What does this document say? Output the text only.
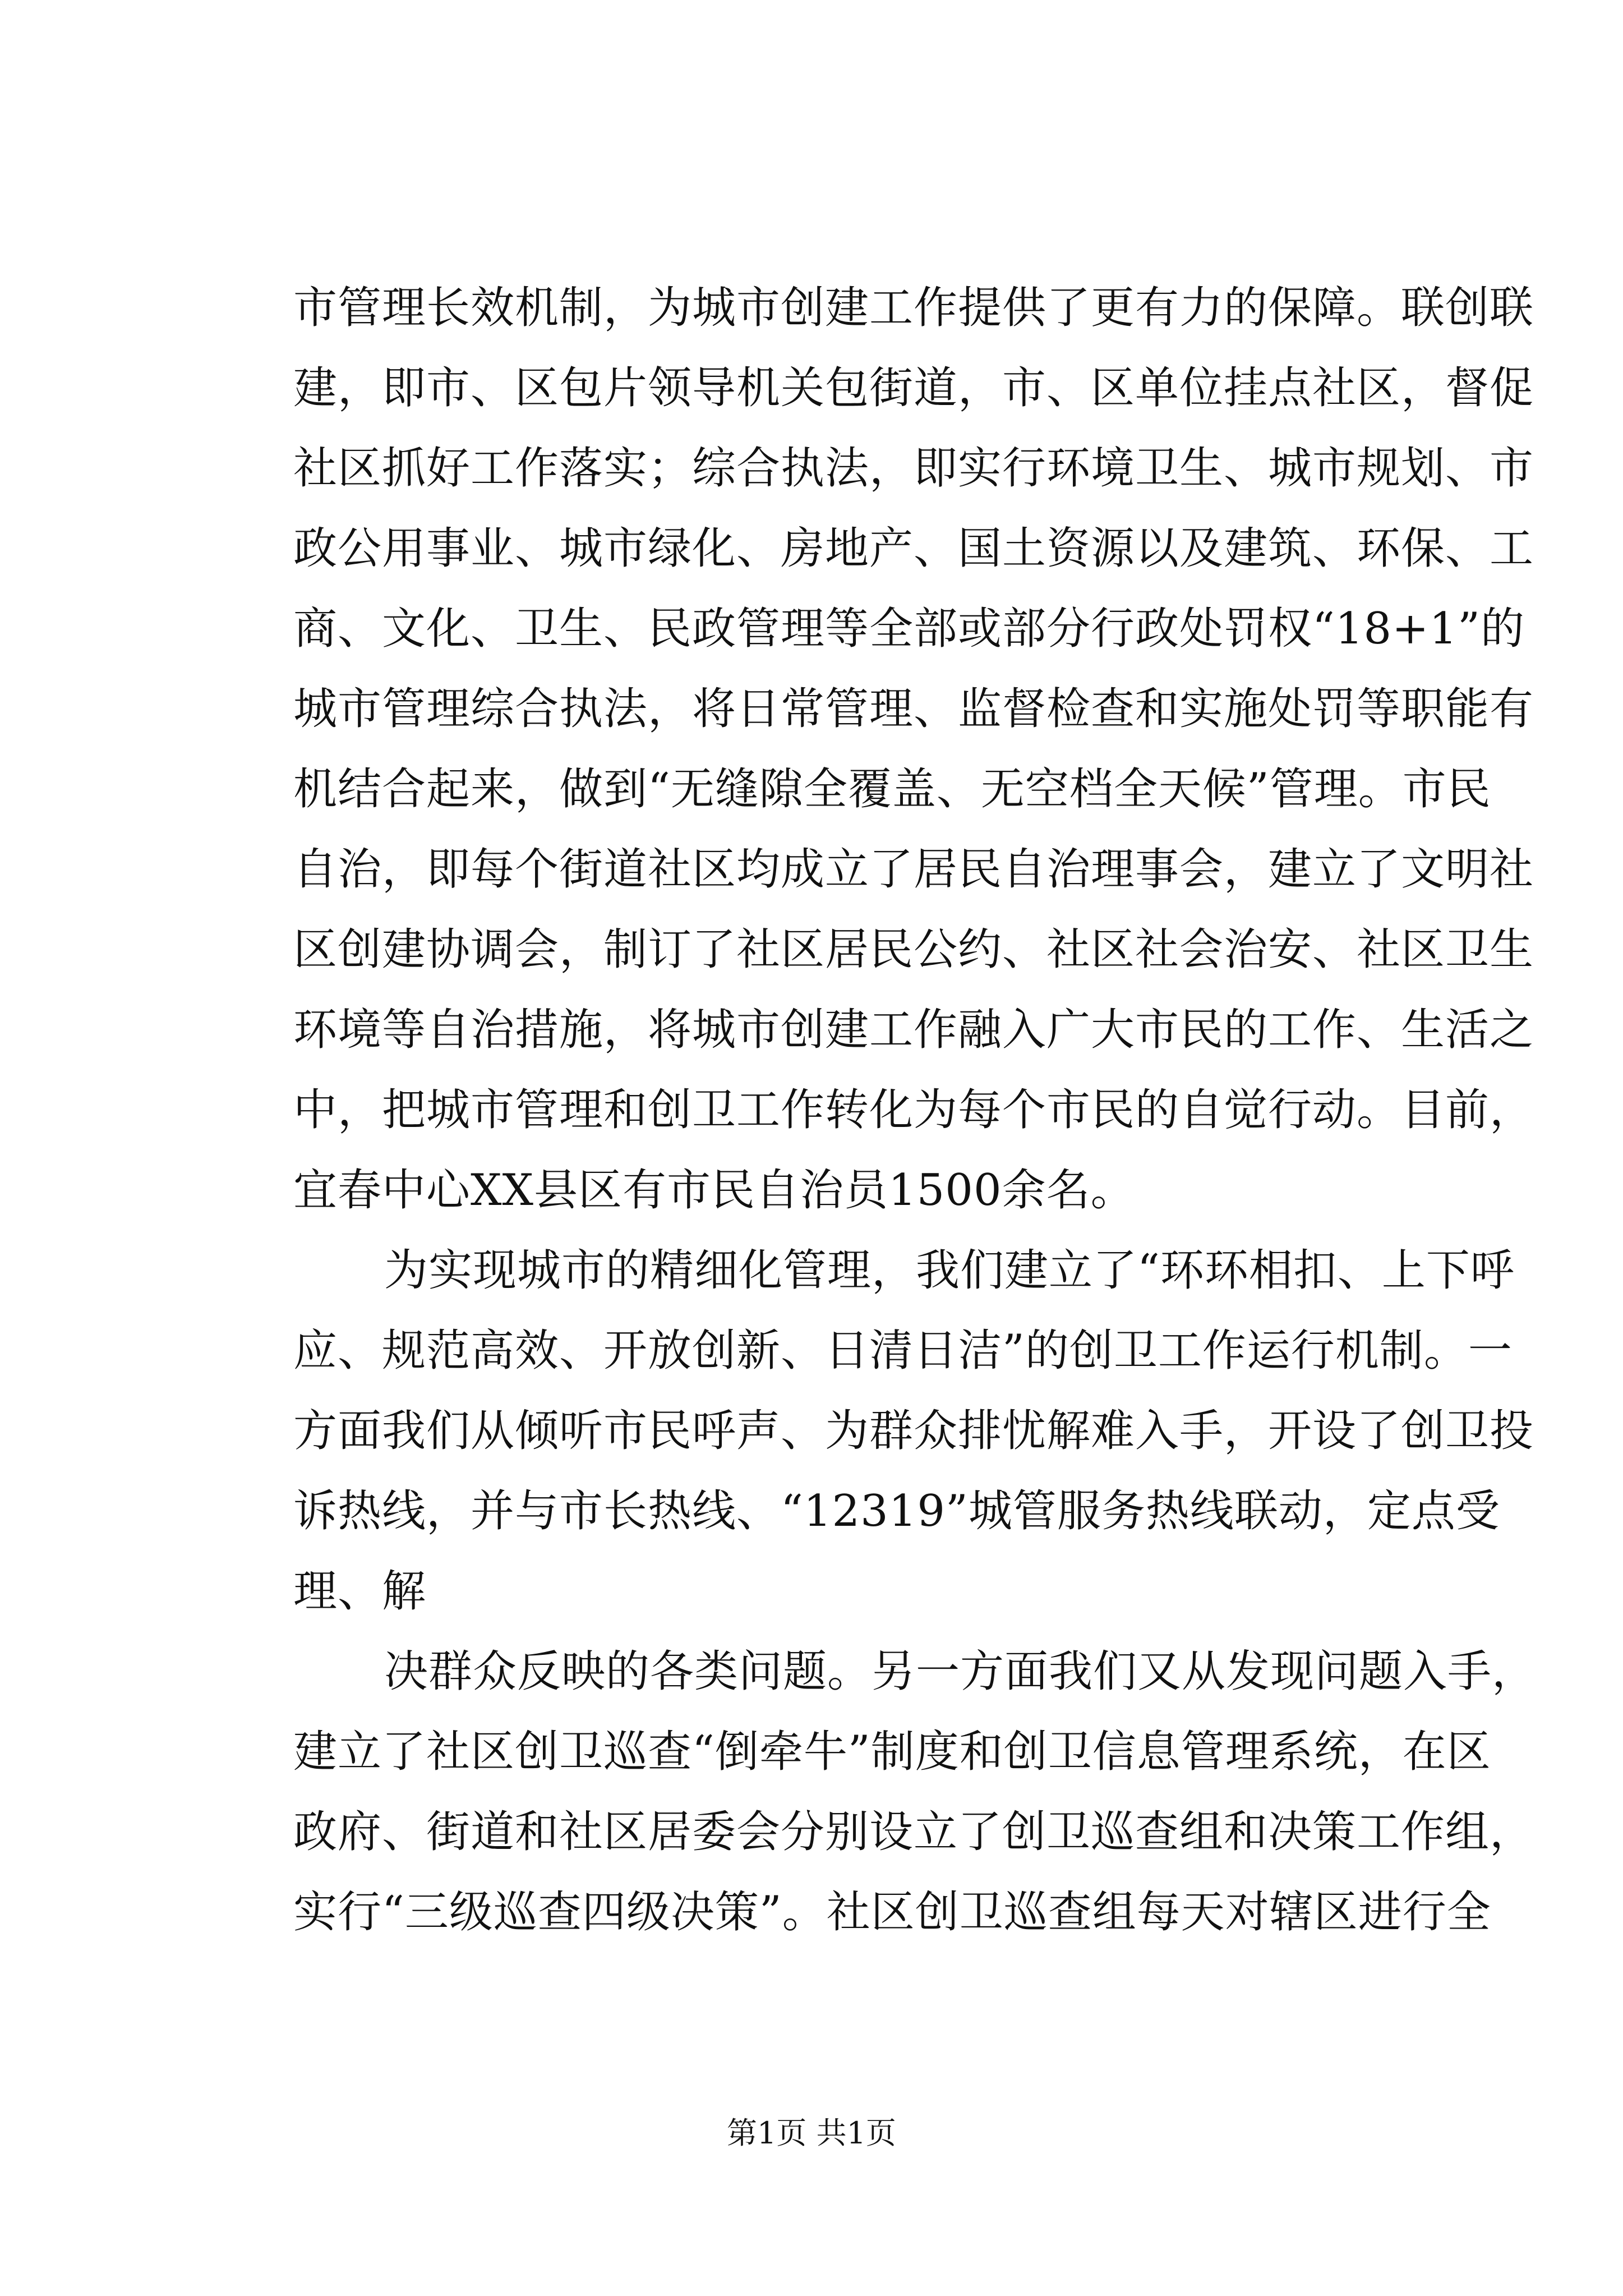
市管理长效机制，为城市创建工作提供了更有力的保障。联创联
建，即市、区包片领导机关包街道，市、区单位挂点社区，督促
社区抓好工作落实；综合执法，即实行环境卫生、城市规划、市
政公用事业、城市绿化、房地产、国土资源以及建筑、环保、工
商、文化、卫生、民政管理等全部或部分行政处罚权“18+1”的
城市管理综合执法，将日常管理、监督检查和实施处罚等职能有
机结合起来，做到“无缝隙全覆盖、无空档全天候”管理。市民
自治，即每个街道社区均成立了居民自治理事会，建立了文明社
区创建协调会，制订了社区居民公约、社区社会治安、社区卫生
环境等自治措施，将城市创建工作融入广大市民的工作、生活之
中，把城市管理和创卫工作转化为每个市民的自觉行动。目前，
宜春中心XX县区有市民自治员1500余名。
为实现城市的精细化管理，我们建立了“环环相扣、上下呼
应、规范高效、开放创新、日清日洁”的创卫工作运行机制。一
方面我们从倾听市民呼声、为群众排忧解难入手，开设了创卫投
诉热线，并与市长热线、“12319”城管服务热线联动，定点受
理、解
决群众反映的各类问题。另一方面我们又从发现问题入手，
建立了社区创卫巡查“倒牵牛”制度和创卫信息管理系统，在区
政府、街道和社区居委会分别设立了创卫巡查组和决策工作组，
实行“三级巡查四级决策”。社区创卫巡查组每天对辖区进行全
第1页 共1页
